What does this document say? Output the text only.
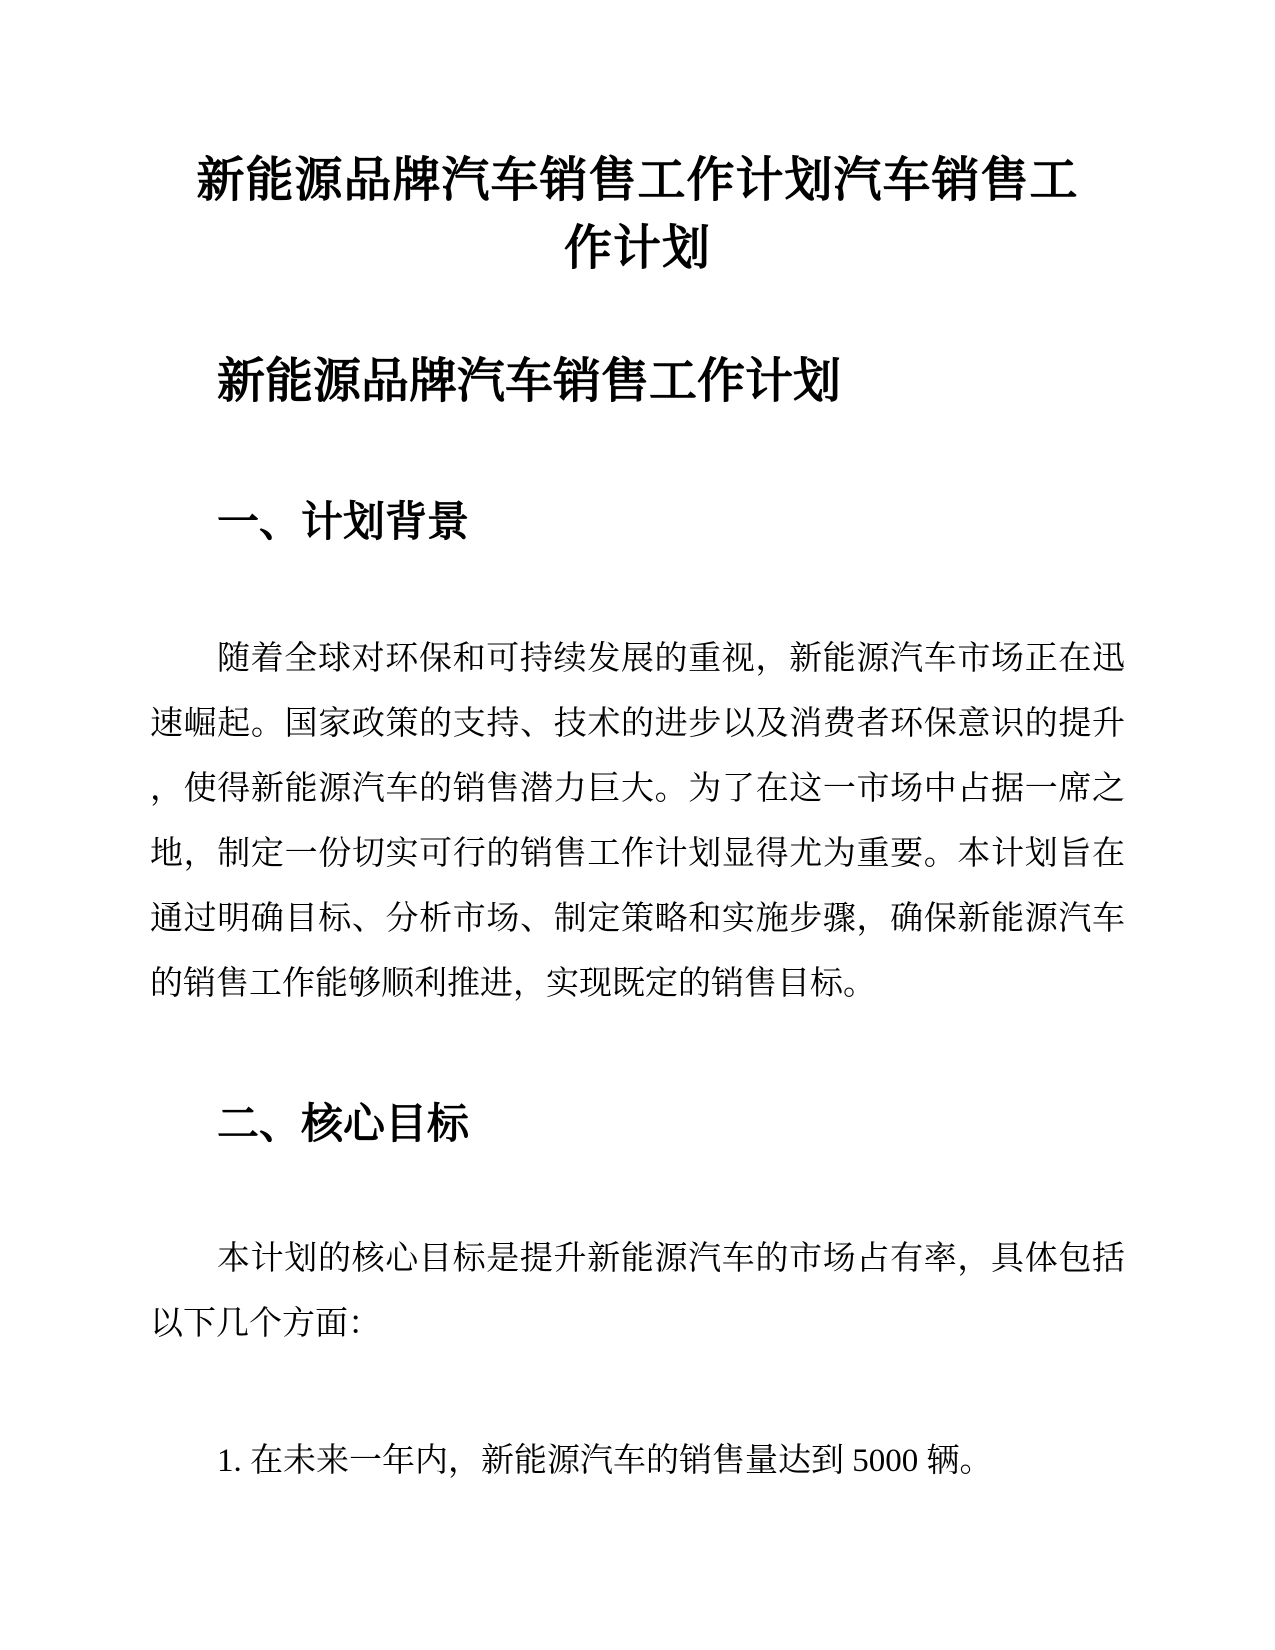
新能源品牌汽车销售工作计划汽车销售工
作计划
新能源品牌汽车销售工作计划
一、计划背景
随着全球对环保和可持续发展的重视，新能源汽车市场正在迅
速崛起。国家政策的支持、技术的进步以及消费者环保意识的提升
，使得新能源汽车的销售潜力巨大。为了在这一市场中占据一席之
地，制定一份切实可行的销售工作计划显得尤为重要。本计划旨在
通过明确目标、分析市场、制定策略和实施步骤，确保新能源汽车
的销售工作能够顺利推进，实现既定的销售目标。
二、核心目标
本计划的核心目标是提升新能源汽车的市场占有率，具体包括
以下几个方面：
1. 在未来一年内，新能源汽车的销售量达到 5000 辆。
